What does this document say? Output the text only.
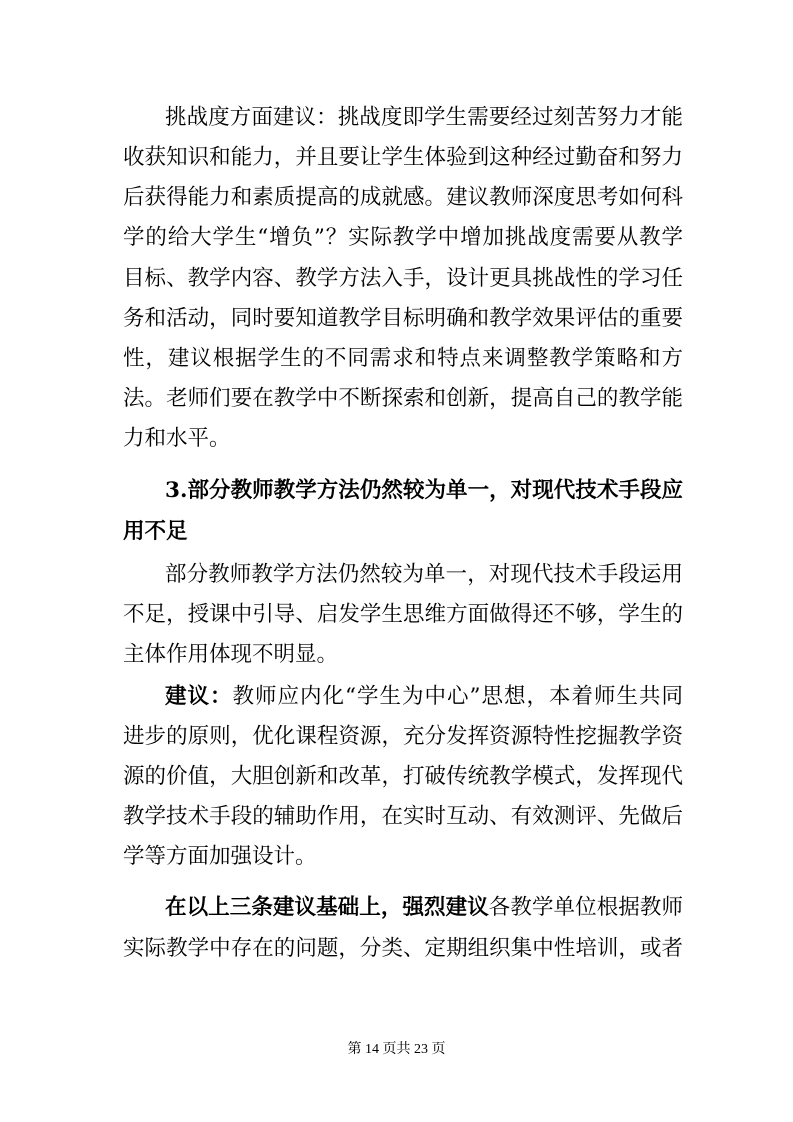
挑战度方面建议：挑战度即学生需要经过刻苦努力才能
收获知识和能力，并且要让学生体验到这种经过勤奋和努力
后获得能力和素质提高的成就感。建议教师深度思考如何科
学的给大学生“增负”？实际教学中增加挑战度需要从教学
目标、教学内容、教学方法入手，设计更具挑战性的学习任
务和活动，同时要知道教学目标明确和教学效果评估的重要
性，建议根据学生的不同需求和特点来调整教学策略和方
法。老师们要在教学中不断探索和创新，提高自己的教学能
力和水平。
3.部分教师教学方法仍然较为单一，对现代技术手段应
用不足
部分教师教学方法仍然较为单一，对现代技术手段运用
不足，授课中引导、启发学生思维方面做得还不够，学生的
主体作用体现不明显。
建议：教师应内化“学生为中心”思想，本着师生共同
进步的原则，优化课程资源，充分发挥资源特性挖掘教学资
源的价值，大胆创新和改革，打破传统教学模式，发挥现代
教学技术手段的辅助作用，在实时互动、有效测评、先做后
学等方面加强设计。
在以上三条建议基础上，强烈建议各教学单位根据教师
实际教学中存在的问题，分类、定期组织集中性培训，或者
第 14 页共 23 页
